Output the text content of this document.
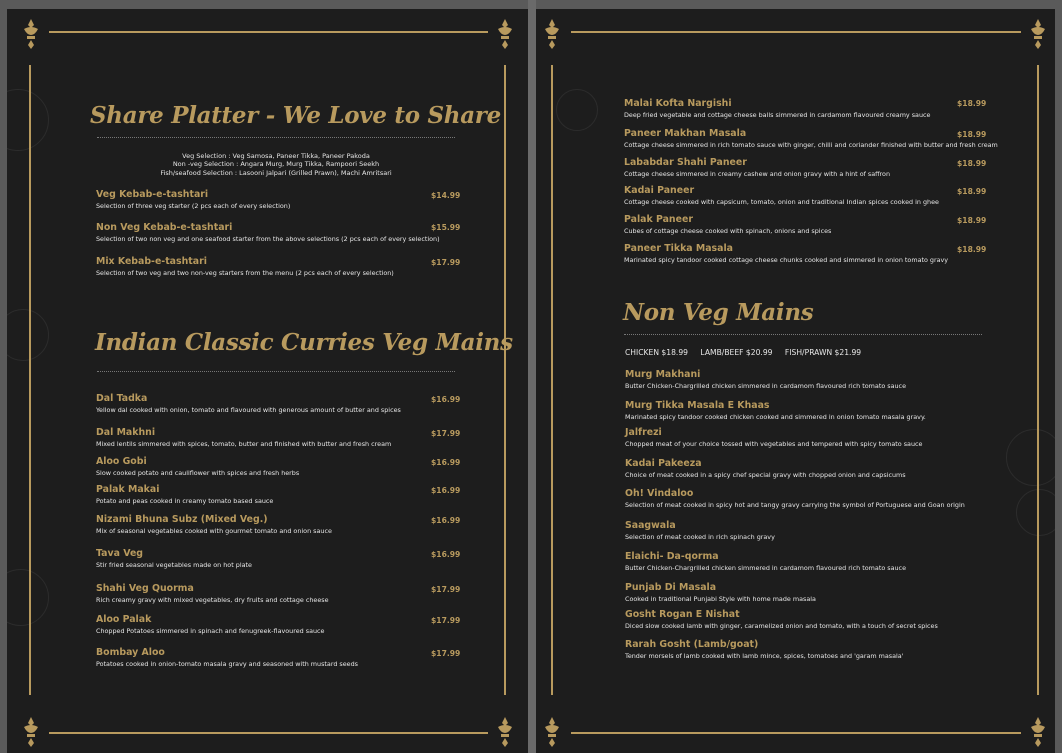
Share Platter - We Love to Share
Veg Selection : Veg Samosa, Paneer Tikka, Paneer Pakoda
Non -veg Selection : Angara Murg, Murg Tikka, Rampoori Seekh
Fish/seafood Selection : Lasooni Jalpari (Grilled Prawn), Machi Amritsari
Veg Kebab-e-tashtari
Selection of three veg starter (2 pcs each of every selection)
$14.99
Non Veg Kebab-e-tashtari
Selection of two non veg and one seafood starter from the above selections (2 pcs each of every selection)
$15.99
Mix Kebab-e-tashtari
Selection of two veg and two non-veg starters from the menu (2 pcs each of every selection)
$17.99
Indian Classic Curries Veg Mains
Dal Tadka
Yellow dal cooked with onion, tomato and flavoured with generous amount of butter and spices
$16.99
Dal Makhni
Mixed lentils simmered with spices, tomato, butter and finished with butter and fresh cream
$17.99
Aloo Gobi
Slow cooked potato and cauliflower with spices and fresh herbs
$16.99
Palak Makai
Potato and peas cooked in creamy tomato based sauce
$16.99
Nizami Bhuna Subz (Mixed Veg.)
Mix of seasonal vegetables cooked with gourmet tomato and onion sauce
$16.99
Tava Veg
Stir fried seasonal vegetables made on hot plate
$16.99
Shahi Veg Quorma
Rich creamy gravy with mixed vegetables, dry fruits and cottage cheese
$17.99
Aloo Palak
Chopped Potatoes simmered in spinach and fenugreek-flavoured sauce
$17.99
Bombay Aloo
Potatoes cooked in onion-tomato masala gravy and seasoned with mustard seeds
$17.99
Malai Kofta Nargishi
Deep fried vegetable and cottage cheese balls simmered in cardamom flavoured creamy sauce
$18.99
Paneer Makhan Masala
Cottage cheese simmered in rich tomato sauce with ginger, chilli and coriander finished with butter and fresh cream
$18.99
Lababdar Shahi Paneer
Cottage cheese simmered in creamy cashew and onion gravy with a hint of saffron
$18.99
Kadai Paneer
Cottage cheese cooked with capsicum, tomato, onion and traditional Indian spices cooked in ghee
$18.99
Palak Paneer
Cubes of cottage cheese cooked with spinach, onions and spices
$18.99
Paneer Tikka Masala
Marinated spicy tandoor cooked cottage cheese chunks cooked and simmered in onion tomato gravy
$18.99
Non Veg Mains
CHICKEN $18.99 LAMB/BEEF $20.99 FISH/PRAWN $21.99
Murg Makhani
Butter Chicken-Chargrilled chicken simmered in cardamom flavoured rich tomato sauce
Murg Tikka Masala E Khaas
Marinated spicy tandoor cooked chicken cooked and simmered in onion tomato masala gravy.
Jalfrezi
Chopped meat of your choice tossed with vegetables and tempered with spicy tomato sauce
Kadai Pakeeza
Choice of meat cooked in a spicy chef special gravy with chopped onion and capsicums
Oh! Vindaloo
Selection of meat cooked in spicy hot and tangy gravy carrying the symbol of Portuguese and Goan origin
Saagwala
Selection of meat cooked in rich spinach gravy
Elaichi- Da-qorma
Butter Chicken-Chargrilled chicken simmered in cardamom flavoured rich tomato sauce
Punjab Di Masala
Cooked in traditional Punjabi Style with home made masala
Gosht Rogan E Nishat
Diced slow cooked lamb with ginger, caramelized onion and tomato, with a touch of secret spices
Rarah Gosht (Lamb/goat)
Tender morsels of lamb cooked with lamb mince, spices, tomatoes and 'garam masala'
